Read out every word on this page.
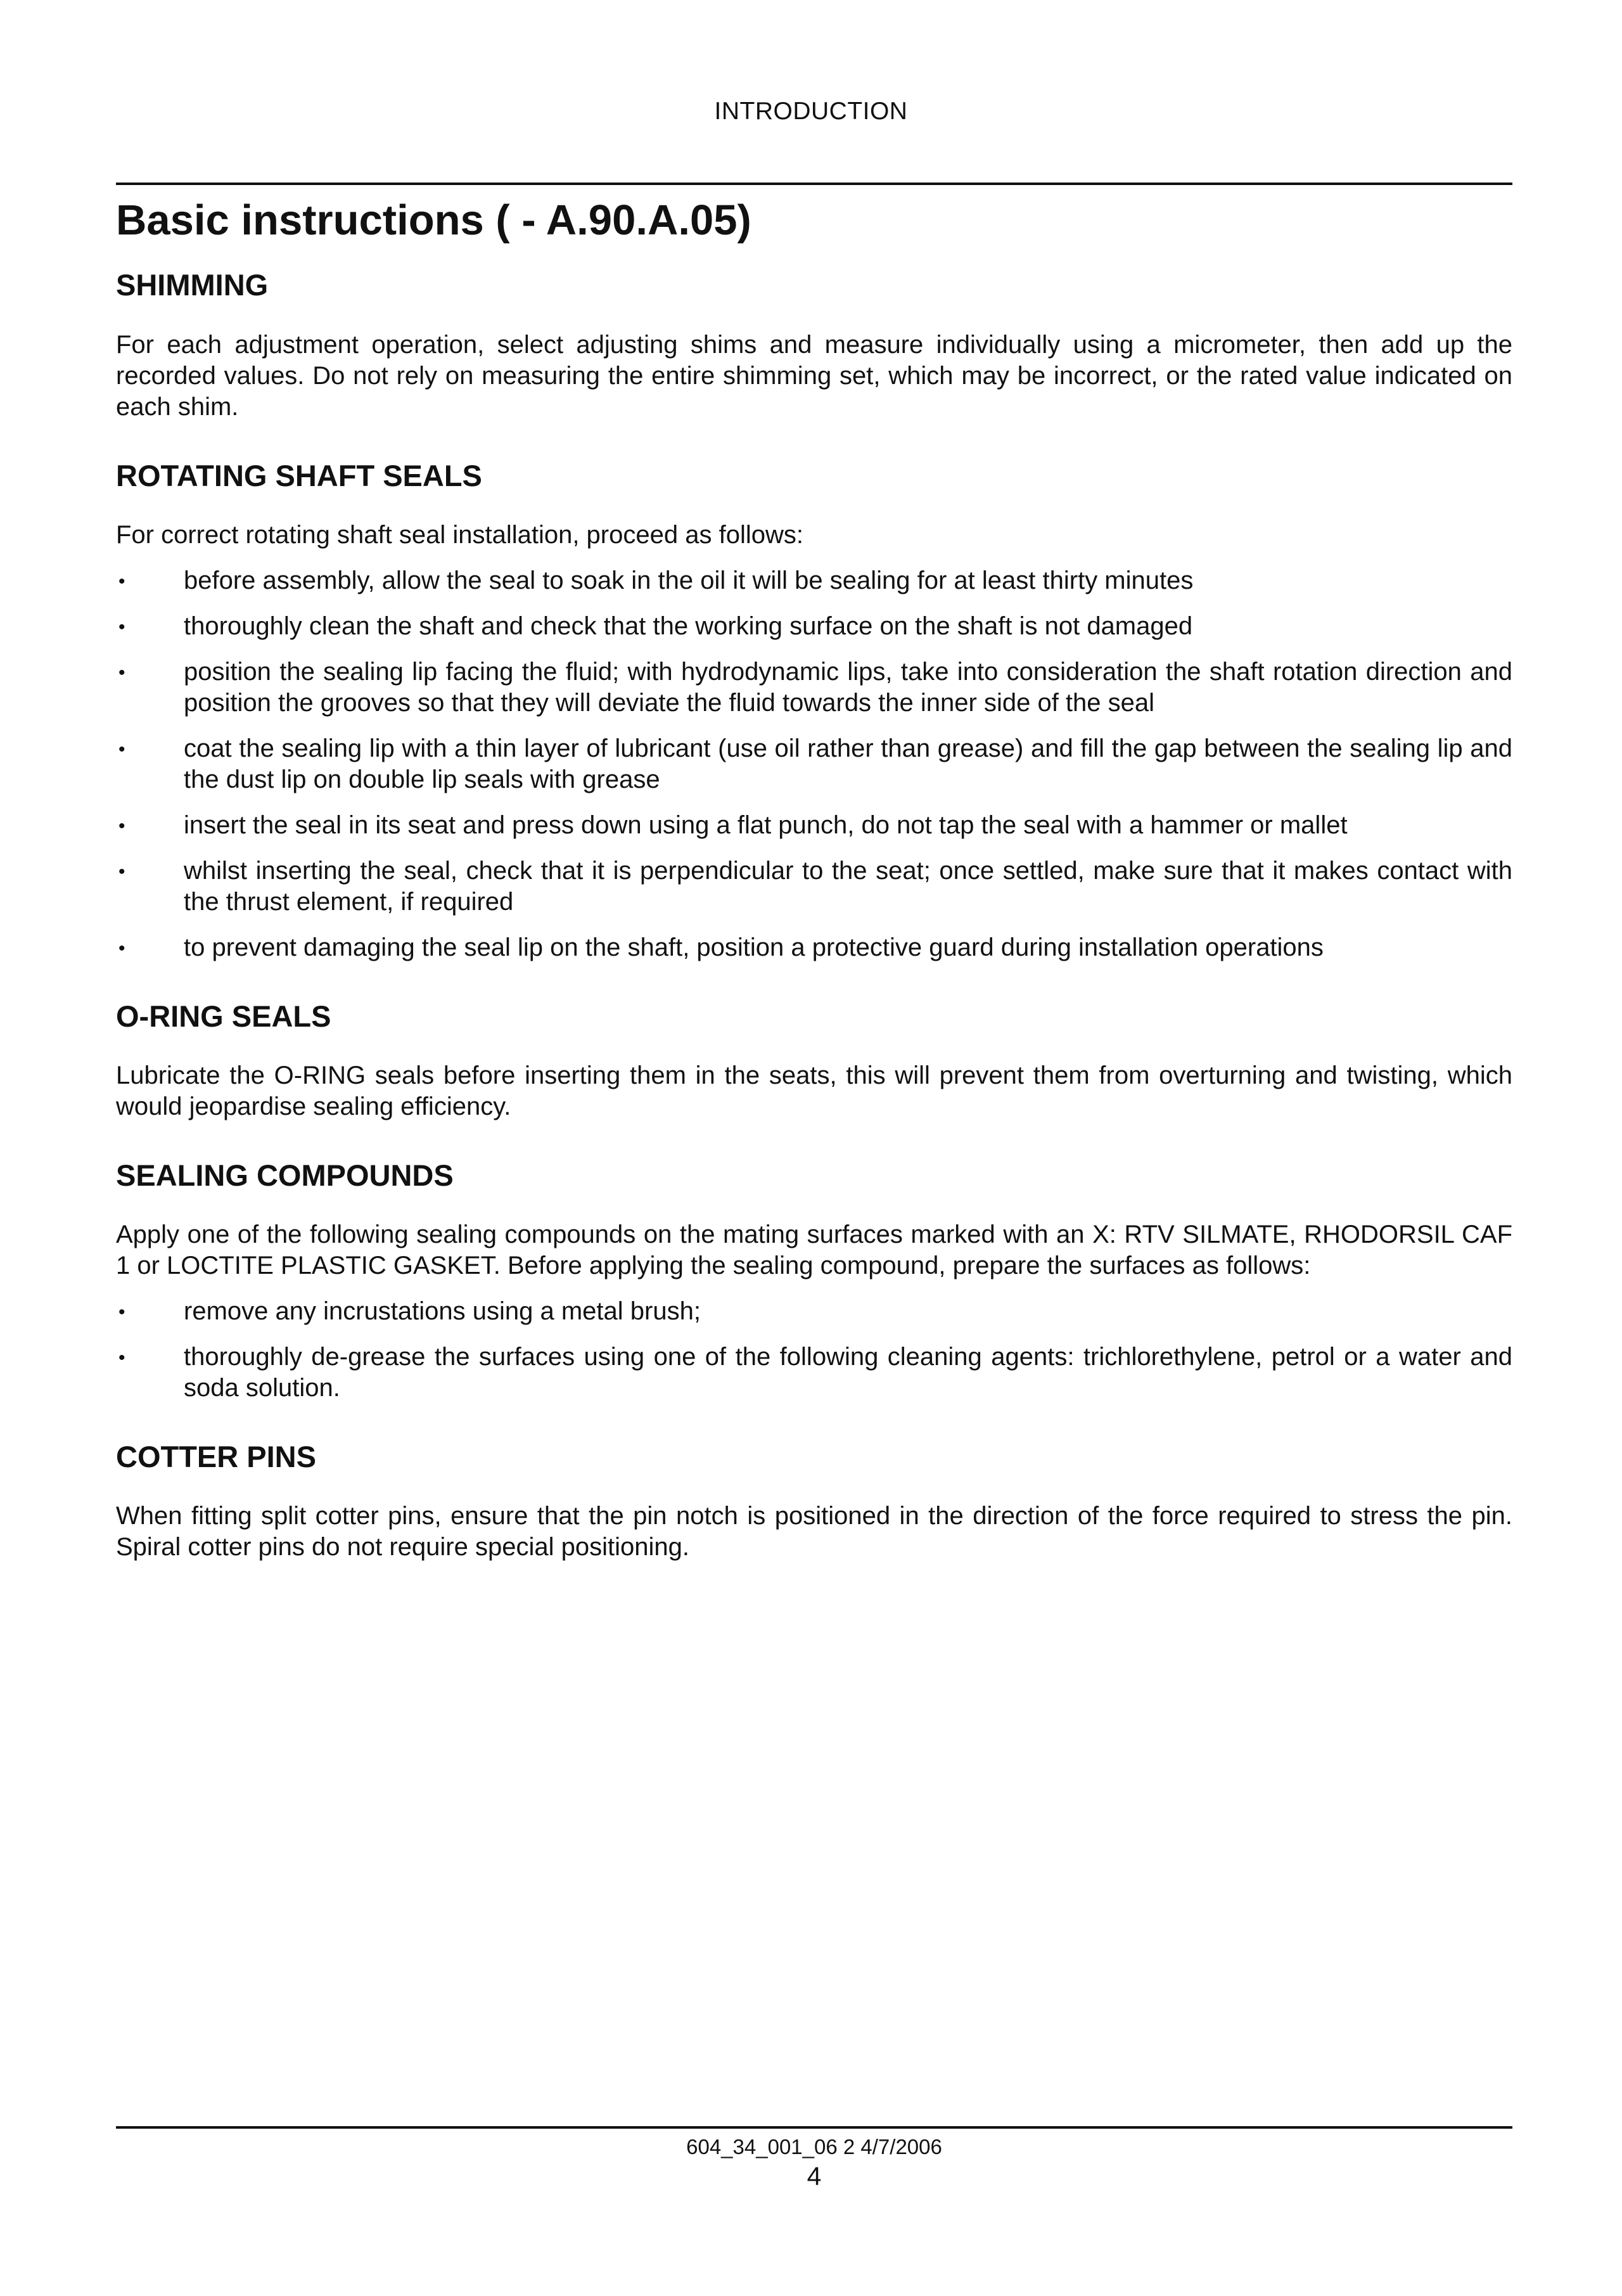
INTRODUCTION
Basic instructions ( - A.90.A.05)
SHIMMING

For each adjustment operation, select adjusting shims and measure individually using a micrometer, then add up the recorded values. Do not rely on measuring the entire shimming set, which may be incorrect, or the rated value indicated on each shim.

ROTATING SHAFT SEALS

For correct rotating shaft seal installation, proceed as follows:

• before assembly, allow the seal to soak in the oil it will be sealing for at least thirty minutes
• thoroughly clean the shaft and check that the working surface on the shaft is not damaged
• position the sealing lip facing the fluid; with hydrodynamic lips, take into consideration the shaft rotation direction and position the grooves so that they will deviate the fluid towards the inner side of the seal
• coat the sealing lip with a thin layer of lubricant (use oil rather than grease) and fill the gap between the sealing lip and the dust lip on double lip seals with grease
• insert the seal in its seat and press down using a flat punch, do not tap the seal with a hammer or mallet
• whilst inserting the seal, check that it is perpendicular to the seat; once settled, make sure that it makes contact with the thrust element, if required
• to prevent damaging the seal lip on the shaft, position a protective guard during installation operations
O-RING SEALS

Lubricate the O-RING seals before inserting them in the seats, this will prevent them from overturning and twisting, which would jeopardise sealing efficiency.

SEALING COMPOUNDS

Apply one of the following sealing compounds on the mating surfaces marked with an X: RTV SILMATE, RHODORSIL CAF 1 or LOCTITE PLASTIC GASKET. Before applying the sealing compound, prepare the surfaces as follows:

• remove any incrustations using a metal brush;
• thoroughly de-grease the surfaces using one of the following cleaning agents: trichlorethylene, petrol or a water and soda solution.
COTTER PINS

When fitting split cotter pins, ensure that the pin notch is positioned in the direction of the force required to stress the pin. Spiral cotter pins do not require special positioning.

604_34_001_06 2 4/7/2006
4
